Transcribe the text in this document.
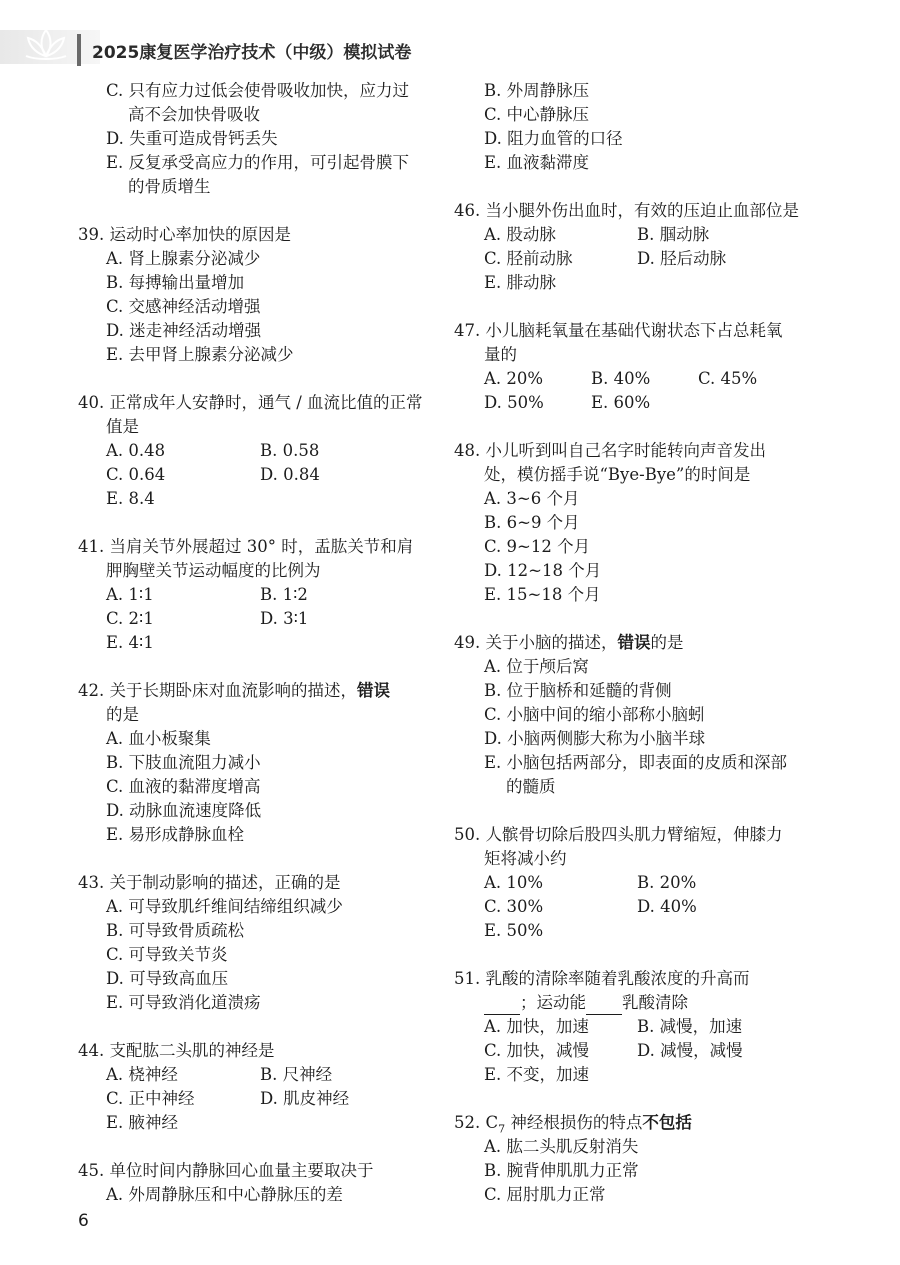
2025康复医学治疗技术（中级）模拟试卷
C. 只有应力过低会使骨吸收加快，应力过
高不会加快骨吸收
D. 失重可造成骨钙丢失
E. 反复承受高应力的作用，可引起骨膜下
的骨质增生
39. 运动时心率加快的原因是
A. 肾上腺素分泌减少
B. 每搏输出量增加
C. 交感神经活动增强
D. 迷走神经活动增强
E. 去甲肾上腺素分泌减少
40. 正常成年人安静时，通气 / 血流比值的正常
值是
A. 0.48	B. 0.58
C. 0.64	D. 0.84
E. 8.4
41. 当肩关节外展超过 30° 时，盂肱关节和肩
胛胸壁关节运动幅度的比例为
A. 1∶1	B. 1∶2
C. 2∶1	D. 3∶1
E. 4∶1
42. 关于长期卧床对血流影响的描述，错误
的是
A. 血小板聚集
B. 下肢血流阻力减小
C. 血液的黏滞度增高
D. 动脉血流速度降低
E. 易形成静脉血栓
43. 关于制动影响的描述，正确的是
A. 可导致肌纤维间结缔组织减少
B. 可导致骨质疏松
C. 可导致关节炎
D. 可导致高血压
E. 可导致消化道溃疡
44. 支配肱二头肌的神经是
A. 桡神经	B. 尺神经
C. 正中神经	D. 肌皮神经
E. 腋神经
45. 单位时间内静脉回心血量主要取决于
A. 外周静脉压和中心静脉压的差
B. 外周静脉压
C. 中心静脉压
D. 阻力血管的口径
E. 血液黏滞度
46. 当小腿外伤出血时，有效的压迫止血部位是
A. 股动脉	B. 腘动脉
C. 胫前动脉	D. 胫后动脉
E. 腓动脉
47. 小儿脑耗氧量在基础代谢状态下占总耗氧
量的
A. 20%	B. 40%	C. 45%
D. 50%	E. 60%
48. 小儿听到叫自己名字时能转向声音发出
处，模仿摇手说“Bye-Bye”的时间是
A. 3~6 个月
B. 6~9 个月
C. 9~12 个月
D. 12~18 个月
E. 15~18 个月
49. 关于小脑的描述，错误的是
A. 位于颅后窝
B. 位于脑桥和延髓的背侧
C. 小脑中间的缩小部称小脑蚓
D. 小脑两侧膨大称为小脑半球
E. 小脑包括两部分，即表面的皮质和深部
的髓质
50. 人髌骨切除后股四头肌力臂缩短，伸膝力
矩将减小约
A. 10%	B. 20%
C. 30%	D. 40%
E. 50%
51. 乳酸的清除率随着乳酸浓度的升高而
；运动能 乳酸清除
A. 加快，加速	B. 减慢，加速
C. 加快，减慢	D. 减慢，减慢
E. 不变，加速
52. $C_7$ 神经根损伤的特点不包括
A. 肱二头肌反射消失
B. 腕背伸肌肌力正常
C. 屈肘肌力正常
6
